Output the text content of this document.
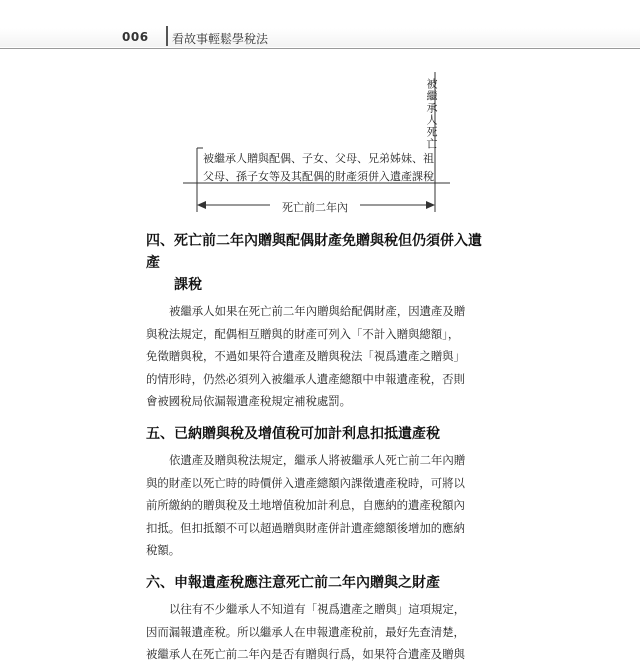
006 看故事輕鬆學稅法
被繼承人死亡
被繼承人贈與配偶、子女、父母、兄弟姊妹、祖
父母、孫子女等及其配偶的財產須併入遺產課稅
死亡前二年內
四、死亡前二年內贈與配偶財產免贈與稅但仍須併入遺產
課稅

被繼承人如果在死亡前二年內贈與給配偶財產，因遺產及贈
與稅法規定，配偶相互贈與的財產可列入「不計入贈與總額」，
免徵贈與稅，不過如果符合遺產及贈與稅法「視爲遺產之贈與」
的情形時，仍然必須列入被繼承人遺產總額中申報遺產稅，否則
會被國稅局依漏報遺產稅規定補稅處罰。

五、已納贈與稅及增值稅可加計利息扣抵遺產稅

依遺產及贈與稅法規定，繼承人將被繼承人死亡前二年內贈
與的財產以死亡時的時價併入遺產總額內課徵遺產稅時，可將以
前所繳納的贈與稅及土地增值稅加計利息，自應納的遺產稅額內
扣抵。但扣抵額不可以超過贈與財產併計遺產總額後增加的應納
稅額。

六、申報遺產稅應注意死亡前二年內贈與之財產

以往有不少繼承人不知道有「視爲遺產之贈與」這項規定，
因而漏報遺產稅。所以繼承人在申報遺產稅前，最好先查清楚，
被繼承人在死亡前二年內是否有贈與行爲，如果符合遺產及贈與
